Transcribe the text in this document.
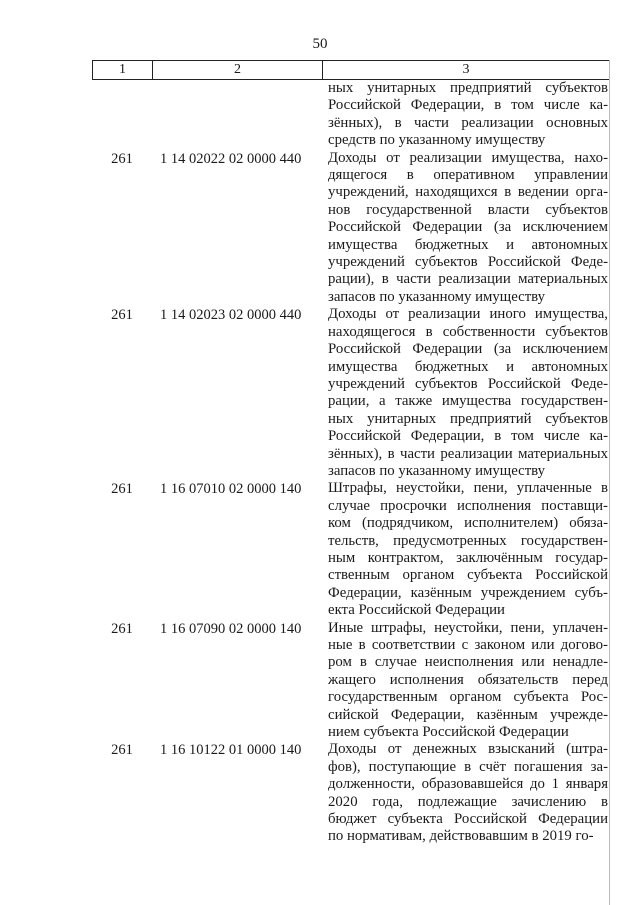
50
1	2	3
ных унитарных предприятий субъектов
Российской Федерации, в том числе ка-
зённых), в части реализации основных
средств по указанному имуществу
261	1 14 02022 02 0000 440	Доходы от реализации имущества, нахо-
дящегося в оперативном управлении
учреждений, находящихся в ведении орга-
нов государственной власти субъектов
Российской Федерации (за исключением
имущества бюджетных и автономных
учреждений субъектов Российской Феде-
рации), в части реализации материальных
запасов по указанному имуществу
261	1 14 02023 02 0000 440	Доходы от реализации иного имущества,
находящегося в собственности субъектов
Российской Федерации (за исключением
имущества бюджетных и автономных
учреждений субъектов Российской Феде-
рации, а также имущества государствен-
ных унитарных предприятий субъектов
Российской Федерации, в том числе ка-
зённых), в части реализации материальных
запасов по указанному имуществу
261	1 16 07010 02 0000 140	Штрафы, неустойки, пени, уплаченные в
случае просрочки исполнения поставщи-
ком (подрядчиком, исполнителем) обяза-
тельств, предусмотренных государствен-
ным контрактом, заключённым государ-
ственным органом субъекта Российской
Федерации, казённым учреждением субъ-
екта Российской Федерации
261	1 16 07090 02 0000 140	Иные штрафы, неустойки, пени, уплачен-
ные в соответствии с законом или догово-
ром в случае неисполнения или ненадле-
жащего исполнения обязательств перед
государственным органом субъекта Рос-
сийской Федерации, казённым учрежде-
нием субъекта Российской Федерации
261	1 16 10122 01 0000 140	Доходы от денежных взысканий (штра-
фов), поступающие в счёт погашения за-
долженности, образовавшейся до 1 января
2020 года, подлежащие зачислению в
бюджет субъекта Российской Федерации
по нормативам, действовавшим в 2019 го-
